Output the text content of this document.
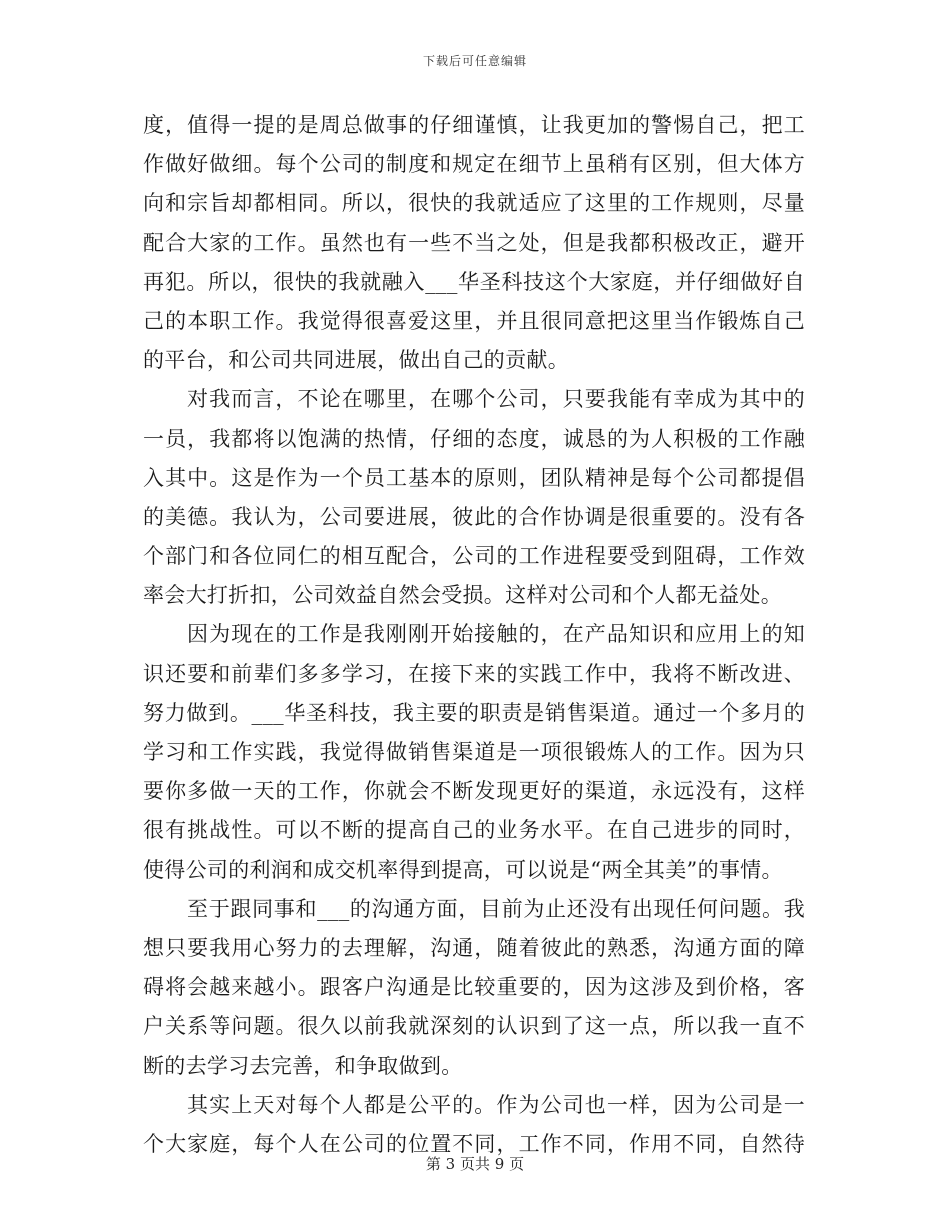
下载后可任意编辑
度，值得一提的是周总做事的仔细谨慎，让我更加的警惕自己，把工
作做好做细。每个公司的制度和规定在细节上虽稍有区别，但大体方
向和宗旨却都相同。所以，很快的我就适应了这里的工作规则，尽量
配合大家的工作。虽然也有一些不当之处，但是我都积极改正，避开
再犯。所以，很快的我就融入___华圣科技这个大家庭，并仔细做好自
己的本职工作。我觉得很喜爱这里，并且很同意把这里当作锻炼自己
的平台，和公司共同进展，做出自己的贡献。
对我而言，不论在哪里，在哪个公司，只要我能有幸成为其中的
一员，我都将以饱满的热情，仔细的态度，诚恳的为人积极的工作融
入其中。这是作为一个员工基本的原则，团队精神是每个公司都提倡
的美德。我认为，公司要进展，彼此的合作协调是很重要的。没有各
个部门和各位同仁的相互配合，公司的工作进程要受到阻碍，工作效
率会大打折扣，公司效益自然会受损。这样对公司和个人都无益处。
因为现在的工作是我刚刚开始接触的，在产品知识和应用上的知
识还要和前辈们多多学习，在接下来的实践工作中，我将不断改进、
努力做到。___华圣科技，我主要的职责是销售渠道。通过一个多月的
学习和工作实践，我觉得做销售渠道是一项很锻炼人的工作。因为只
要你多做一天的工作，你就会不断发现更好的渠道，永远没有，这样
很有挑战性。可以不断的提高自己的业务水平。在自己进步的同时，
使得公司的利润和成交机率得到提高，可以说是“两全其美”的事情。
至于跟同事和___的沟通方面，目前为止还没有出现任何问题。我
想只要我用心努力的去理解，沟通，随着彼此的熟悉，沟通方面的障
碍将会越来越小。跟客户沟通是比较重要的，因为这涉及到价格，客
户关系等问题。很久以前我就深刻的认识到了这一点，所以我一直不
断的去学习去完善，和争取做到。
其实上天对每个人都是公平的。作为公司也一样，因为公司是一
个大家庭，每个人在公司的位置不同，工作不同，作用不同，自然待
第 3 页共 9 页
